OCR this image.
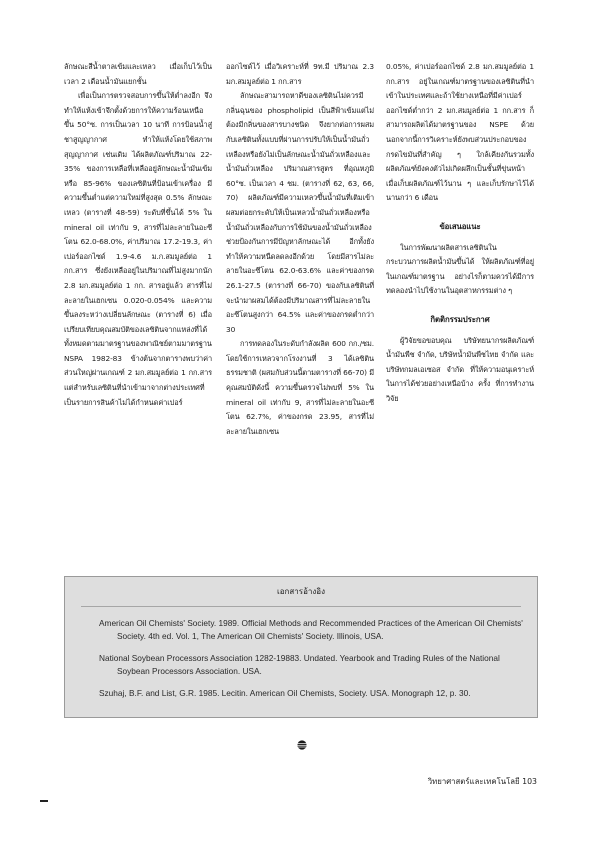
ลักษณะสีน้ำตาลเข้มและเหลว เมื่อเก็บไว้เป็นเวลา 2 เดือนน้ำมันแยกชั้น

เพื่อเป็นการตรวจสอบการขึ้นให้ต่ำลงอีก จึงทำให้แห้งเข้าจึกตั้งด้วยการให้ความร้อนเหนือขึ้น 50°ซ. การเป็นเวลา 10 นาที การป้อนน้ำสู่ชาสูญญากาศ ทำให้แห้งโดยใช้สภาพสุญญากาศ เช่นเดิม ได้ผลิตภัณฑ์ปริมาณ 22-35% ของการเหลือที่เหลืออยู่ลักษณะน้ำมันเข้มหรือ 85-96% ของเลซิตินที่ป้อนเข้าเครื่อง มีความขึ้นต่ำแต่ความใหม่ที่สูงสุด 0.5% ลักษณะเหลว (ตารางที่ 48-59) ระดับที่ขึ้นได้ 5% ใน mineral oil เท่ากับ 9, สารที่ไม่ละลายในอะซีโตน 62.0-68.0%, ค่าปริมาณ 17.2-19.3, ค่าเปอร์ออกไซด์ 1.9-4.6 ม.ก.สมมูลย์ต่อ 1 กก.สาร ซึ่งยังเหลืออยู่ในปริมาณที่ไม่สูงมากนัก 2.8 มก.สมมูลย์ต่อ 1 กก. สารอยู่แล้ว สารที่ไม่ละลายในเฮกเซน 0.020-0.054% และความขึ้นลงระหว่างเปลี่ยนลักษณะ (ตารางที่ 6) เมื่อเปรียบเทียบคุณสมบัติของเลซิตินจากแหล่งที่ได้ทั้งหมดตามมาตรฐานของพาณิชย์ตามมาตรฐาน NSPA 1982-83 ข้างต้นจากตารางพบว่าค่าส่วนใหญ่ผ่านเกณฑ์ 2 มก.สมมูลย์ต่อ 1 กก.สาร แต่สำหรับเลซิตินที่นำเข้ามาจากต่างประเทศที่เป็นรายการสินค้าไม่ได้กำหนดค่าเปอร์

ออกไซด์ไว้ เมื่อวิเคราะห์ที่ 9ท.มี ปริมาณ 2.3 มก.สมมูลย์ต่อ 1 กก.สาร

ลักษณะสามารถหาดีของเลซิตินไม่ควรมีกลิ่นฉุนของ phospholipid เป็นสีฟ้าเข้มแต่ไม่ต้องมีกลิ่นของสารบางชนิด จึงยากต่อการผสมกับเลซิตินทั้งแบบที่ผ่านการปรับให้เป็นน้ำมันถั่วเหลืองหรือยังไม่เป็นลักษณะน้ำมันถั่วเหลืองและน้ำมันถั่วเหลือง ปริมาณสารสูตร ที่อุณหภูมิ 60°ซ. เป็นเวลา 4 ชม. (ตารางที่ 62, 63, 66, 70) ผลิตภัณฑ์มีความเหลวขึ้นน้ำมันที่เติมเข้าผสมต่อยกระดับให้เป็นเหลวน้ำมันถั่วเหลืองหรือน้ำมันถั่วเหลืองกับการใช้มันของน้ำมันถั่วเหลืองช่วยป้องกันการมีปัญหาลักษณะได้ อีกทั้งยังทำให้ความหนืดลดลงอีกด้วย โดยมีสารไม่ละลายในอะซีโตน 62.0-63.6% และค่าของกรด 26.1-27.5 (ตารางที่ 66-70) ของกับเลซิตินที่จะนำมาผสมได้ต้องมีปริมาณสารที่ไม่ละลายในอะซีโตนสูงกว่า 64.5% และค่าของกรดต่ำกว่า 30

การทดลองในระดับกำลังผลิต 600 กก./ชม. โดยใช้การเหลวจากโรงงานที่ 3 ได้เลซิตินธรรมชาติ (ผสมกับส่วนนี้ตามตารางที่ 66-70) มีคุณสมบัติดังนี้ ความขึ้นตรวจไม่พบที่ 5% ใน mineral oil เท่ากับ 9, สารที่ไม่ละลายในอะซีโตน 62.7%, ค่าของกรด 23.95, สารที่ไม่ละลายในเฮกเซน

0.05%, ค่าเปอร์ออกไซด์ 2.8 มก.สมมูลย์ต่อ 1 กก.สาร อยู่ในเกณฑ์มาตรฐานของเลซิตินที่นำเข้าในประเทศและถ้าใช้ยางเหนือที่มีค่าเปอร์ออกไซด์ต่ำกว่า 2 มก.สมมูลย์ต่อ 1 กก.สาร ก็สามารถผลิตได้มาตรฐานของ NSPE ด้วย นอกจากนี้การวิเคราะห์ยังพบส่วนประกอบของกรดไขมันที่สำคัญ ๆ ใกล้เคียงกันรวมทั้งผลิตภัณฑ์ยังคงตัวไม่เกิดผลึกเป็นชั้นที่ขุ่นหน้าเมื่อเก็บผลิตภัณฑ์ไว้นาน ๆ และเก็บรักษาไว้ได้นานกว่า 6 เดือน

ข้อเสนอแนะ

ในการพัฒนาผลิตสารเลซิตินในกระบวนการผลิตน้ำมันขึ้นได้ ให้ผลิตภัณฑ์ที่อยู่ในเกณฑ์มาตรฐาน อย่างไรก็ตามควรได้มีการทดลองนำไปใช้งานในอุตสาหกรรมต่าง ๆ

กิตติกรรมประกาศ

ผู้วิจัยขอขอบคุณ บริษัทยนากรผลิตภัณฑ์น้ำมันพืช จำกัด, บริษัทน้ำมันพืชไทย จำกัด และ บริษัทกมลเอเซอส จำกัด ที่ให้ความอนุเคราะห์ในการได้ช่วยอย่างเหนือบ้าง ครั้ง ที่การทำงานวิจัย

เอกสารอ้างอิง

American Oil Chemists' Society. 1989. Official Methods and Recommended Practices of the American Oil Chemists' Society. 4th ed. Vol. 1, The American Oil Chemists' Society. Illinois, USA.

National Soybean Processors Association 1282-19883. Undated. Yearbook and Trading Rules of the National Soybean Processors Association. USA.

Szuhaj, B.F. and List, G.R. 1985. Lecitin. American Oil Chemists, Society. USA. Monograph 12, p. 30.

วิทยาศาสตร์และเทคโนโลยี 103
